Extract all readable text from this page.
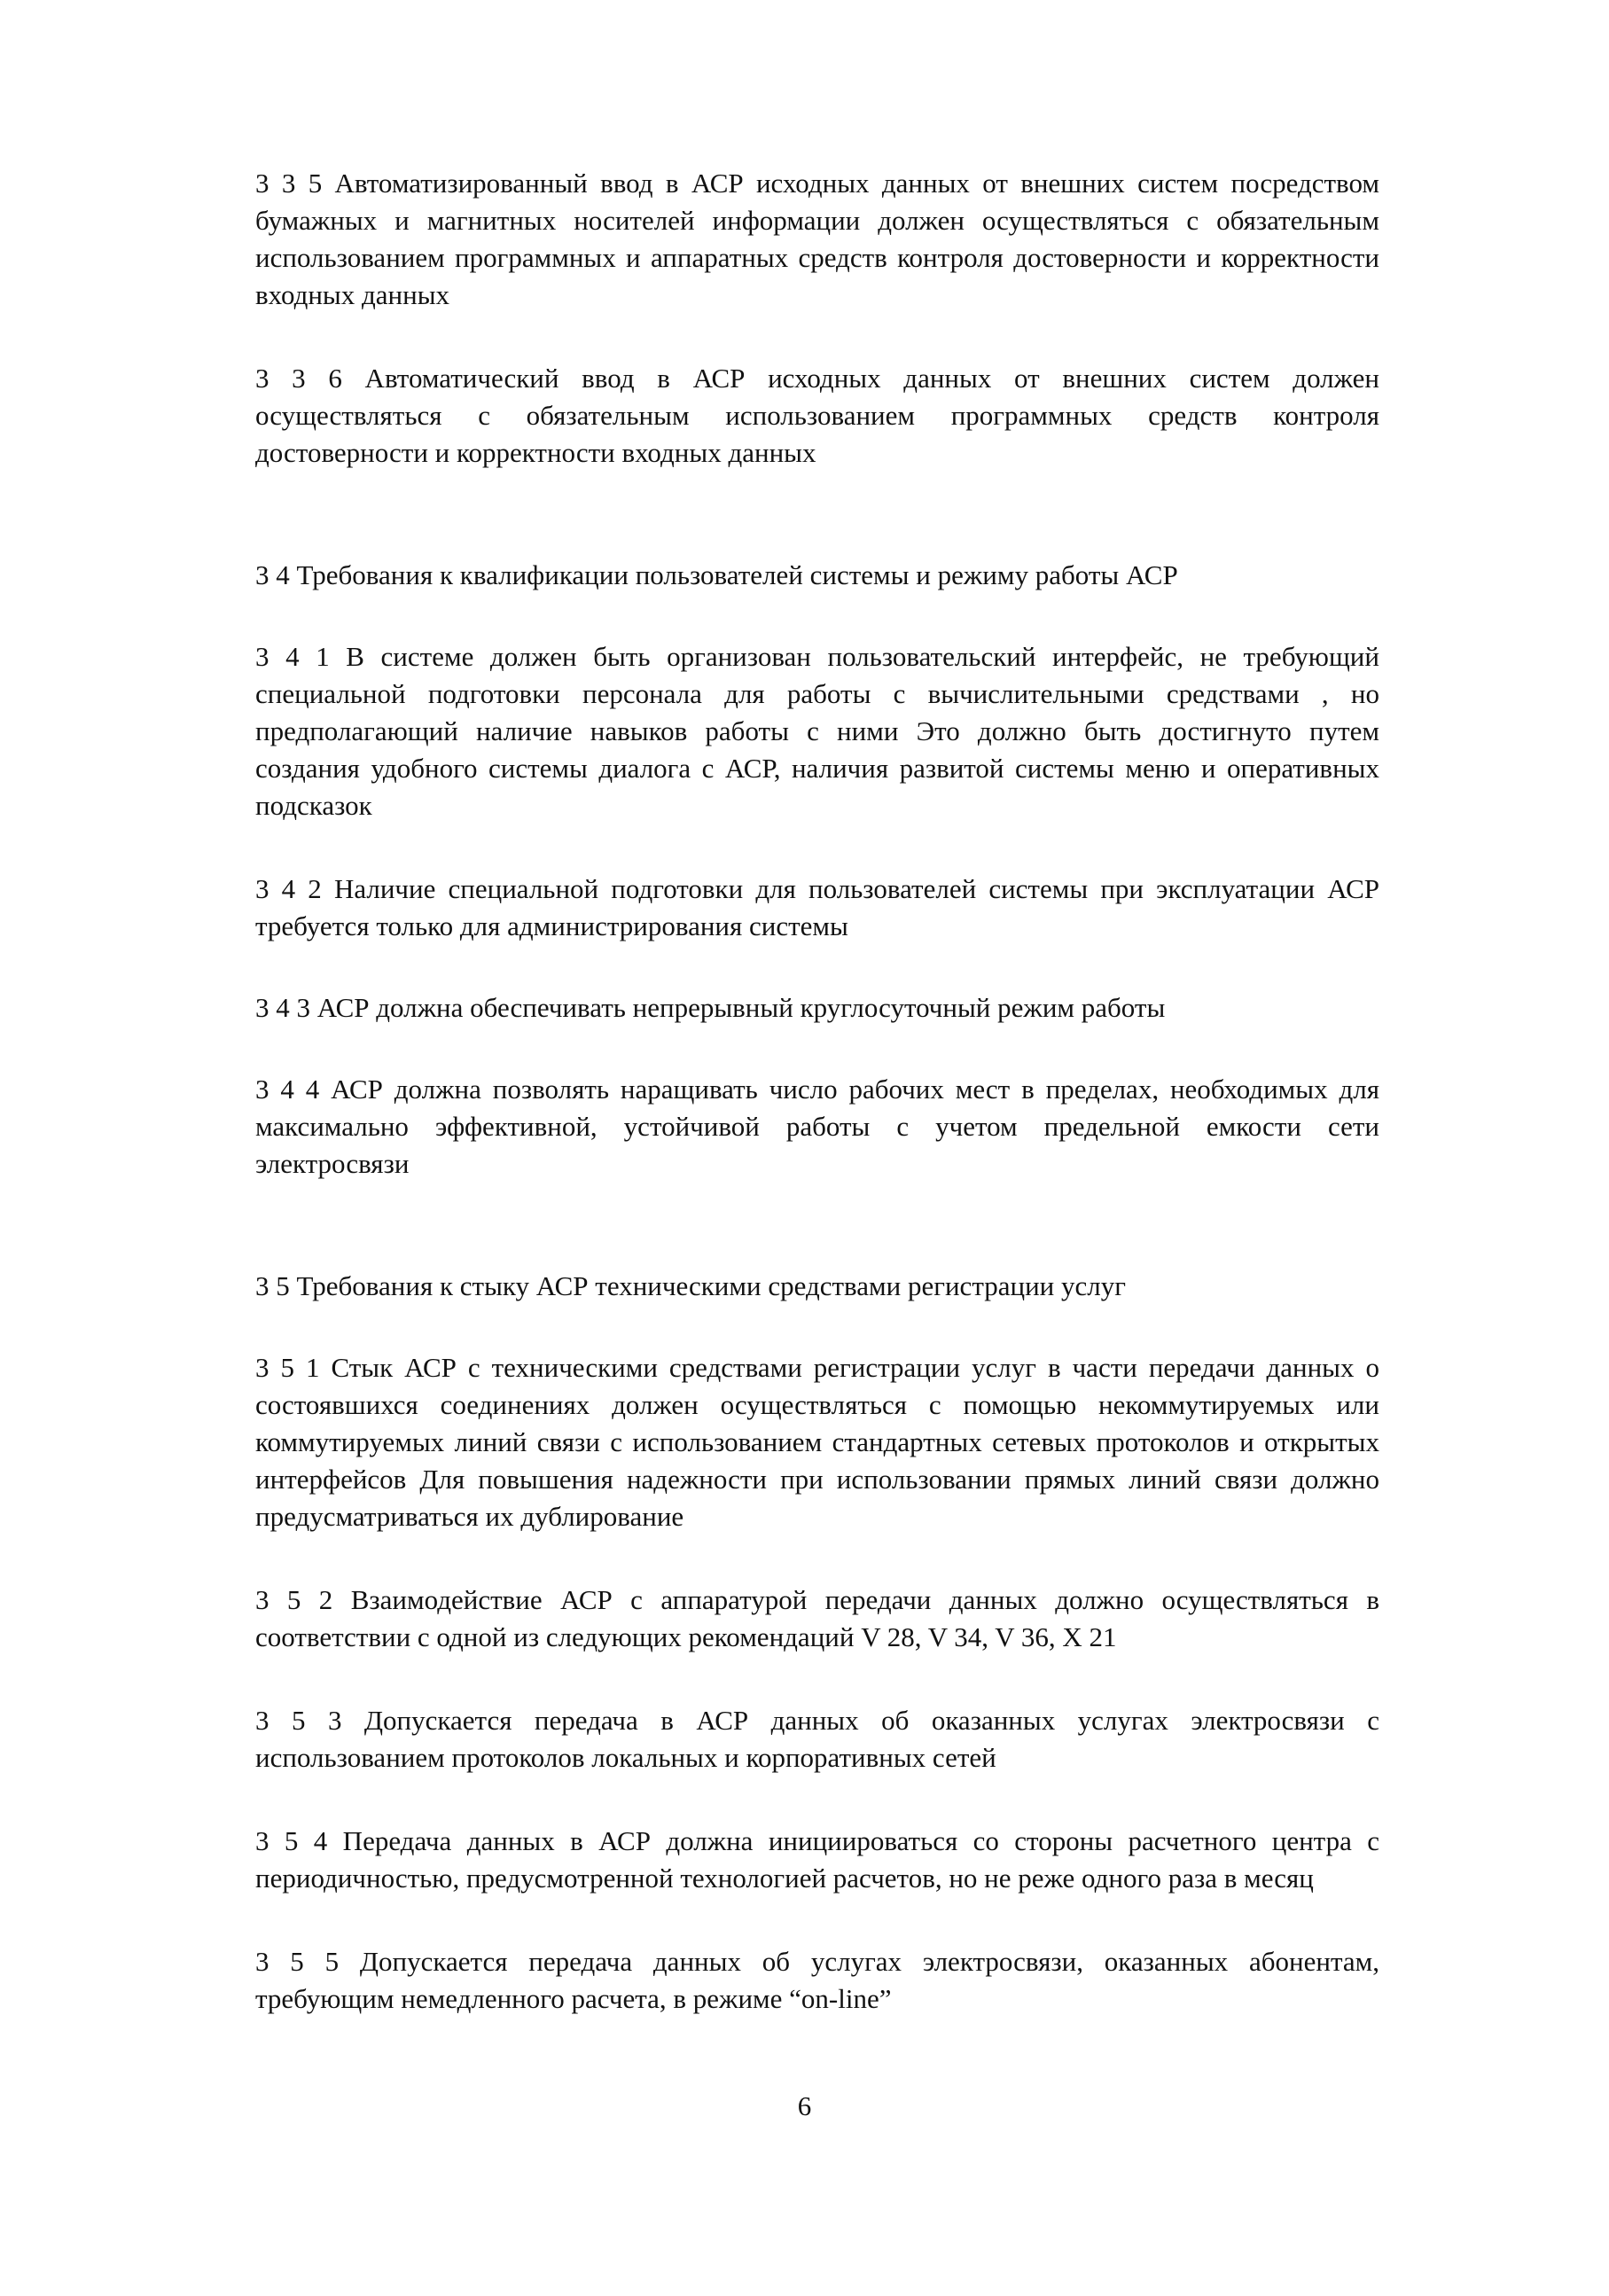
3 3 5 Автоматизированный ввод в АСР исходных данных от внешних систем посредством бумажных и магнитных носителей информации должен осуществляться с обязательным использованием программных и аппаратных средств контроля достоверности и корректности входных данных

3 3 6 Автоматический ввод в АСР исходных данных от внешних систем должен осуществляться с обязательным использованием программных средств контроля достоверности и корректности входных данных

3 4 Требования к квалификации пользователей системы и режиму работы АСР

3 4 1 В системе должен быть организован пользовательский интерфейс, не требующий специальной подготовки персонала для работы с вычислительными средствами , но предполагающий наличие навыков работы с ними Это должно быть достигнуто путем создания удобного системы диалога с АСР, наличия развитой системы меню и оперативных подсказок

3 4 2 Наличие специальной подготовки для пользователей системы при эксплуатации АСР требуется только для администрирования системы

3 4 3 АСР должна обеспечивать непрерывный круглосуточный режим работы

3 4 4 АСР должна позволять наращивать число рабочих мест в пределах, необходимых для максимально эффективной, устойчивой работы с учетом предельной емкости сети электросвязи

3 5 Требования к стыку АСР техническими средствами регистрации услуг

3 5 1 Стык АСР с техническими средствами регистрации услуг в части передачи данных о состоявшихся соединениях должен осуществляться с помощью некоммутируемых или коммутируемых линий связи с использованием стандартных сетевых протоколов и открытых интерфейсов Для повышения надежности при использовании прямых линий связи должно предусматриваться их дублирование

3 5 2 Взаимодействие АСР с аппаратурой передачи данных должно осуществляться в соответствии с одной из следующих рекомендаций V 28, V 34, V 36, X 21

3 5 3 Допускается передача в АСР данных об оказанных услугах электросвязи с использованием протоколов локальных и корпоративных сетей

3 5 4 Передача данных в АСР должна инициироваться со стороны расчетного центра с периодичностью, предусмотренной технологией расчетов, но не реже одного раза в месяц

3 5 5 Допускается передача данных об услугах электросвязи, оказанных абонентам, требующим немедленного расчета, в режиме “on-line”

6
